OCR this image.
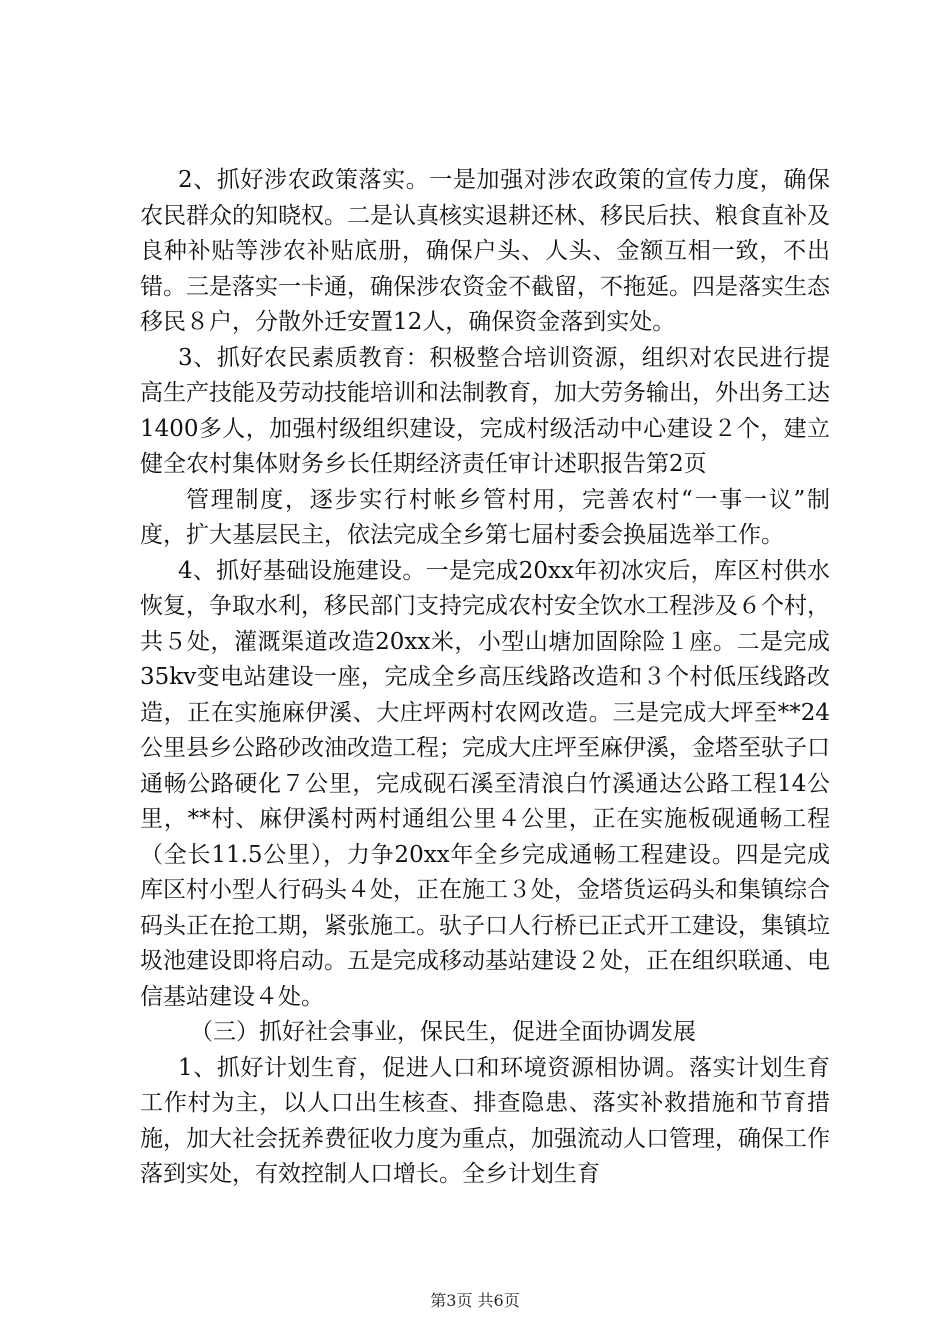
2、抓好涉农政策落实。一是加强对涉农政策的宣传力度，确保农民群众的知晓权。二是认真核实退耕还林、移民后扶、粮食直补及良种补贴等涉农补贴底册，确保户头、人头、金额互相一致，不出错。三是落实一卡通，确保涉农资金不截留，不拖延。四是落实生态移民８户，分散外迁安置12人，确保资金落到实处。

3、抓好农民素质教育：积极整合培训资源，组织对农民进行提高生产技能及劳动技能培训和法制教育，加大劳务输出，外出务工达1400多人，加强村级组织建设，完成村级活动中心建设２个，建立健全农村集体财务乡长任期经济责任审计述职报告第2页

管理制度，逐步实行村帐乡管村用，完善农村“一事一议”制度，扩大基层民主，依法完成全乡第七届村委会换届选举工作。

4、抓好基础设施建设。一是完成20xx年初冰灾后，库区村供水恢复，争取水利，移民部门支持完成农村安全饮水工程涉及６个村，共５处，灌溉渠道改造20xx米，小型山塘加固除险１座。二是完成35kv变电站建设一座，完成全乡高压线路改造和３个村低压线路改造，正在实施麻伊溪、大庄坪两村农网改造。三是完成大坪至**24公里县乡公路砂改油改造工程；完成大庄坪至麻伊溪，金塔至驮子口通畅公路硬化７公里，完成砚石溪至清浪白竹溪通达公路工程14公里，**村、麻伊溪村两村通组公里４公里，正在实施板砚通畅工程（全长11.5公里），力争20xx年全乡完成通畅工程建设。四是完成库区村小型人行码头４处，正在施工３处，金塔货运码头和集镇综合码头正在抢工期，紧张施工。驮子口人行桥已正式开工建设，集镇垃圾池建设即将启动。五是完成移动基站建设２处，正在组织联通、电信基站建设４处。

（三）抓好社会事业，保民生，促进全面协调发展

1、抓好计划生育，促进人口和环境资源相协调。落实计划生育工作村为主，以人口出生核查、排查隐患、落实补救措施和节育措施，加大社会抚养费征收力度为重点，加强流动人口管理，确保工作落到实处，有效控制人口增长。全乡计划生育

第3页 共6页
